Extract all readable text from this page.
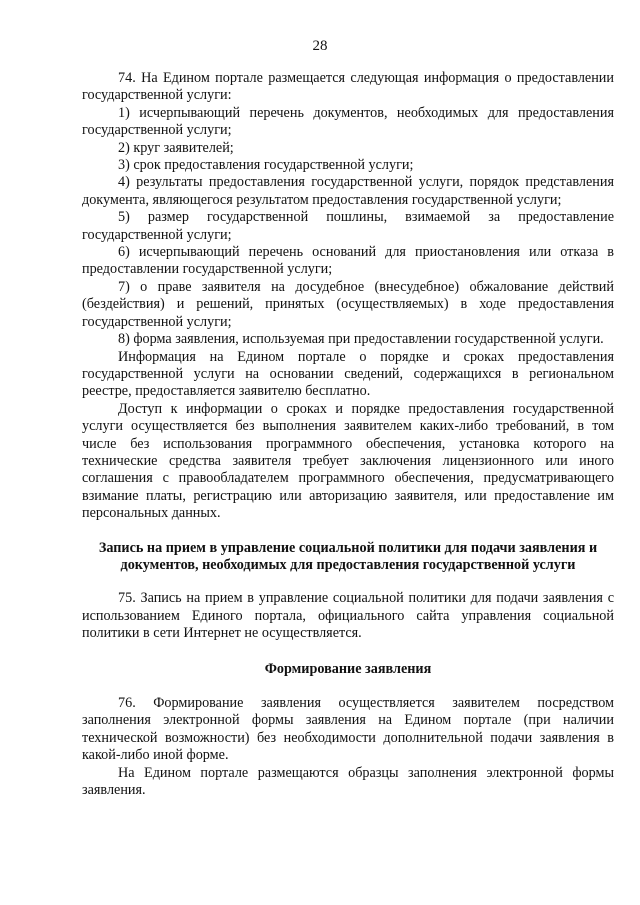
28

74. На Едином портале размещается следующая информация о предоставлении государственной услуги:

1) исчерпывающий перечень документов, необходимых для предоставления государственной услуги;

2) круг заявителей;

3) срок предоставления государственной услуги;

4) результаты предоставления государственной услуги, порядок представления документа, являющегося результатом предоставления государственной услуги;

5) размер государственной пошлины, взимаемой за предоставление государственной услуги;

6) исчерпывающий перечень оснований для приостановления или отказа в предоставлении государственной услуги;

7) о праве заявителя на досудебное (внесудебное) обжалование действий (бездействия) и решений, принятых (осуществляемых) в ходе предоставления государственной услуги;

8) форма заявления, используемая при предоставлении государственной услуги.

Информация на Едином портале о порядке и сроках предоставления государственной услуги на основании сведений, содержащихся в региональном реестре, предоставляется заявителю бесплатно.

Доступ к информации о сроках и порядке предоставления государственной услуги осуществляется без выполнения заявителем каких-либо требований, в том числе без использования программного обеспечения, установка которого на технические средства заявителя требует заключения лицензионного или иного соглашения с правообладателем программного обеспечения, предусматривающего взимание платы, регистрацию или авторизацию заявителя, или предоставление им персональных данных.

Запись на прием в управление социальной политики для подачи заявления и документов, необходимых для предоставления государственной услуги

75. Запись на прием в управление социальной политики для подачи заявления с использованием Единого портала, официального сайта управления социальной политики в сети Интернет не осуществляется.

Формирование заявления

76. Формирование заявления осуществляется заявителем посредством заполнения электронной формы заявления на Едином портале (при наличии технической возможности) без необходимости дополнительной подачи заявления в какой-либо иной форме.

На Едином портале размещаются образцы заполнения электронной формы заявления.
